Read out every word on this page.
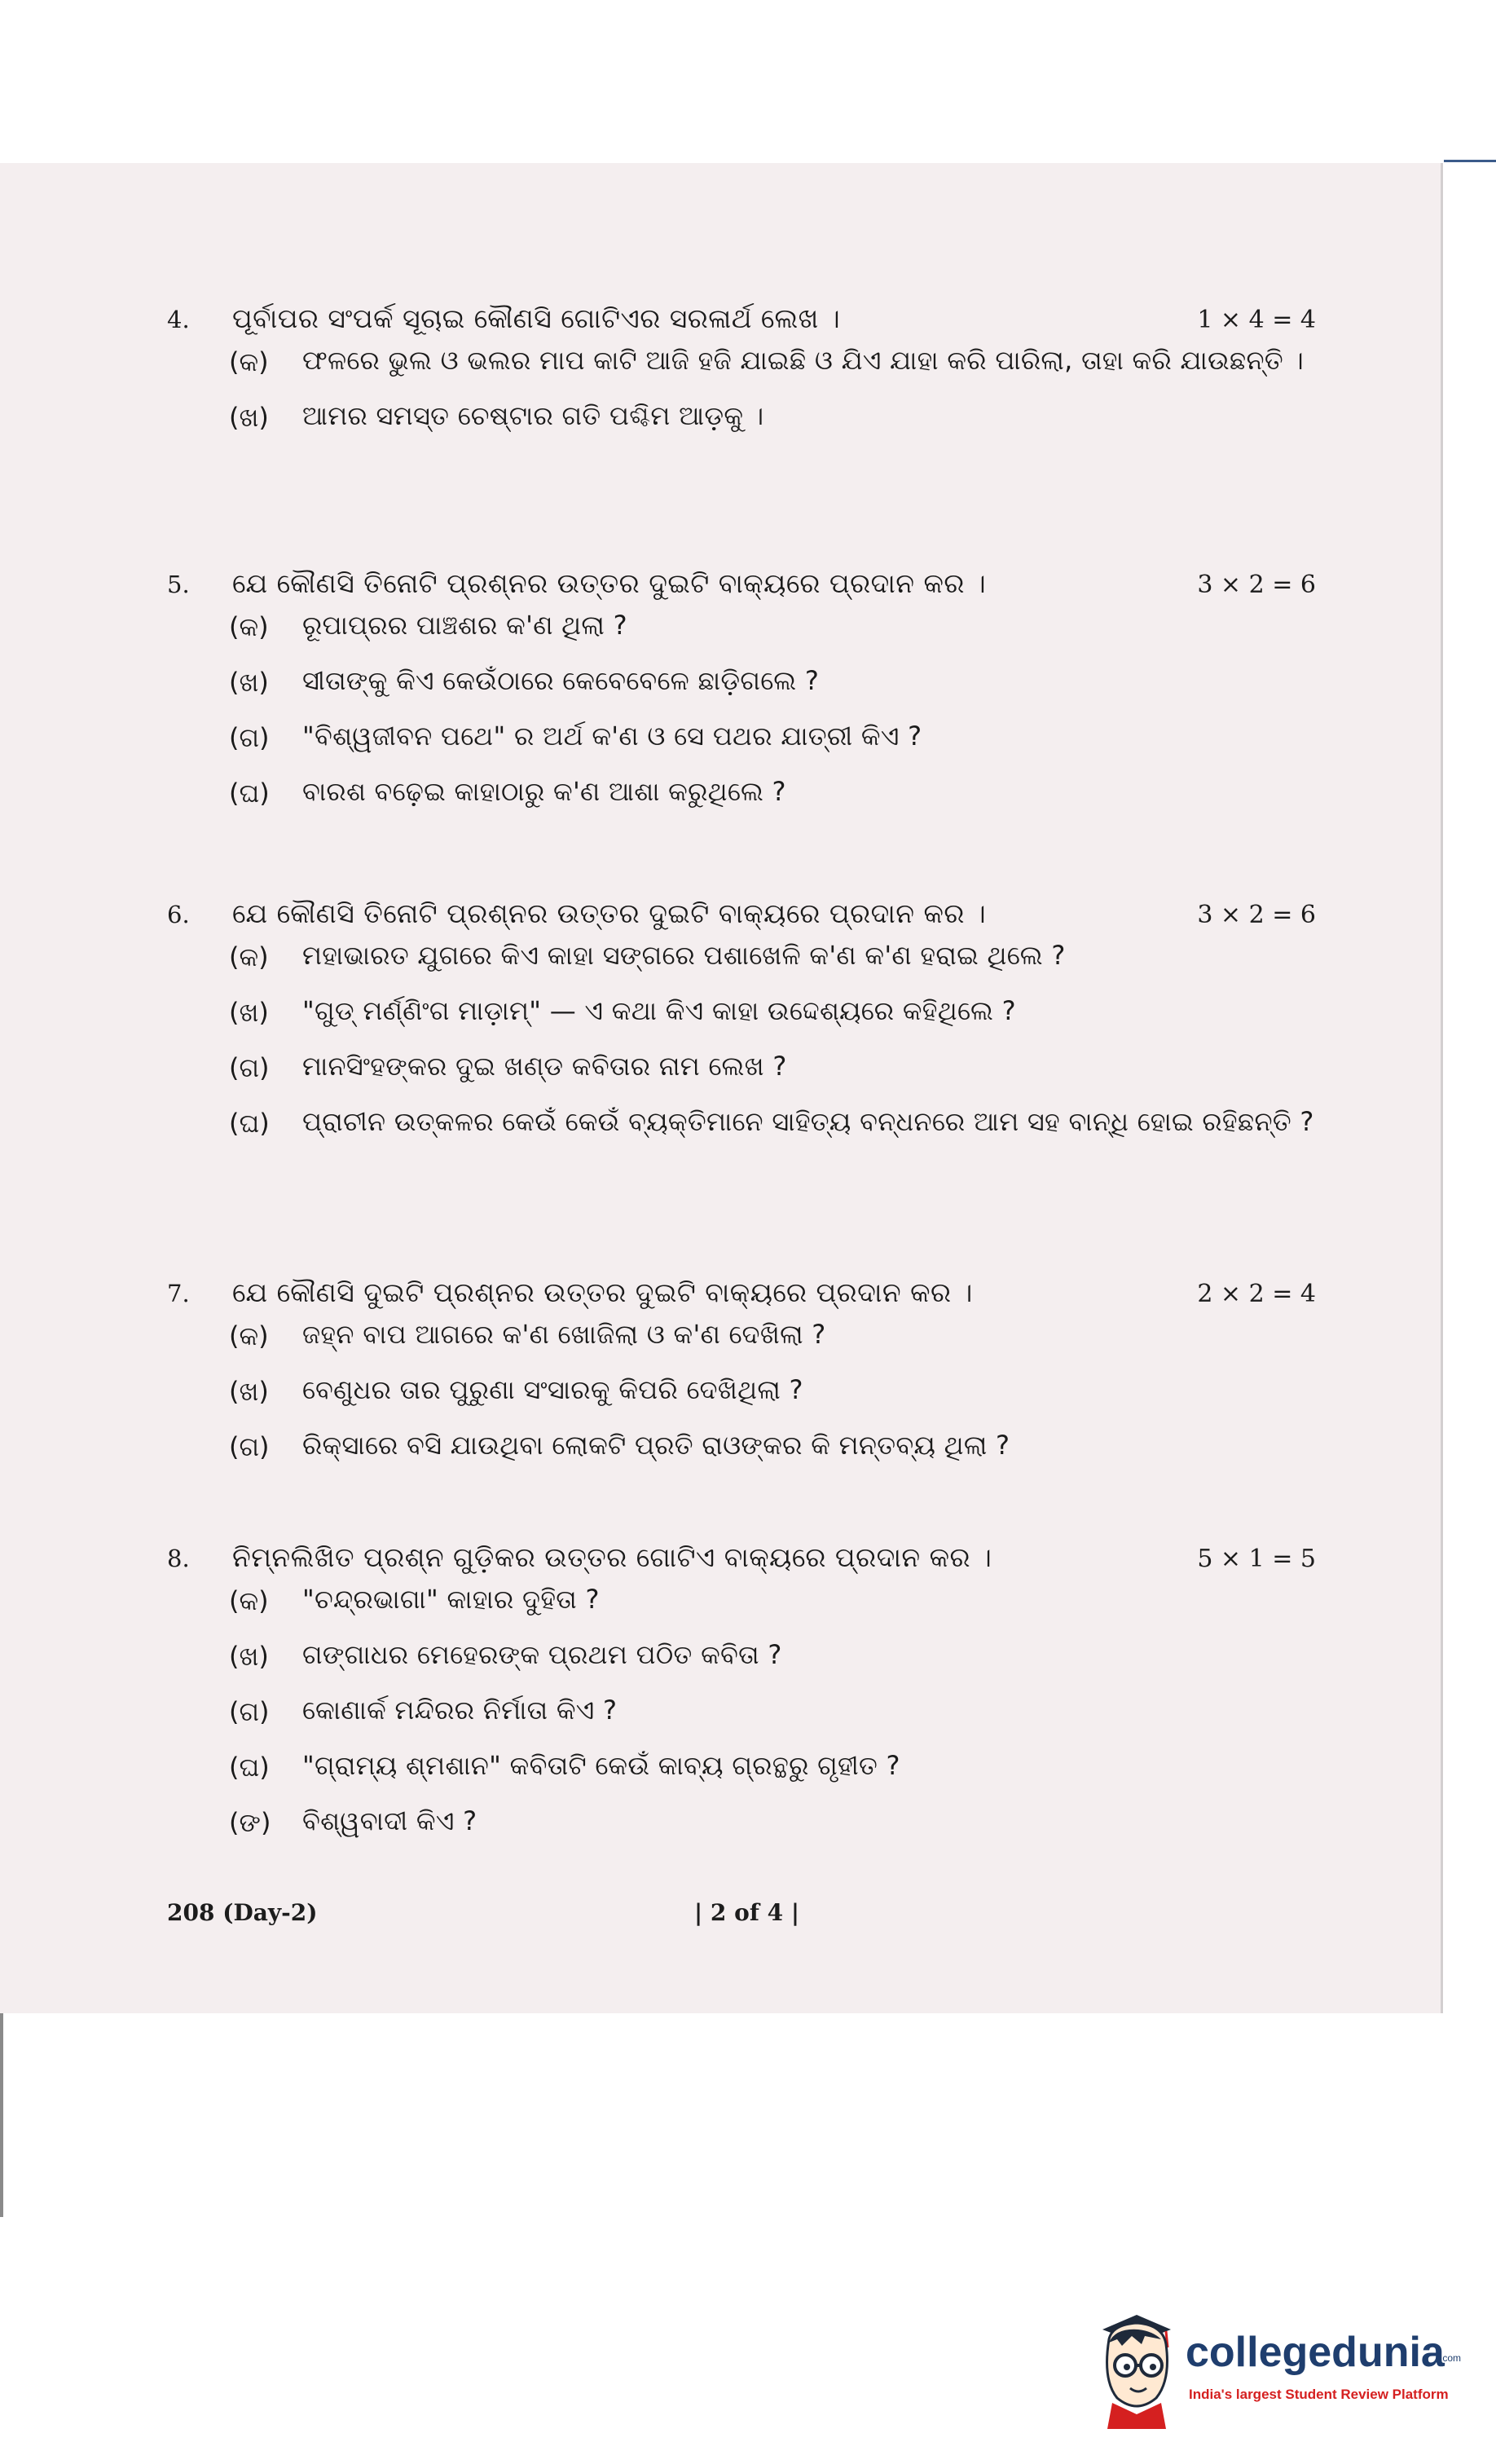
4. ପୂର୍ବାପର ସଂପର୍କ ସୂଚାଇ କୌଣସି ଗୋଟିଏର ସରଳାର୍ଥ ଲେଖ ।	1 × 4 = 4
(କ)	ଫଳରେ ଭୁଲ ଓ ଭଲର ମାପ କାଟି ଆଜି ହଜି ଯାଇଛି ଓ ଯିଏ ଯାହା କରି ପାରିଲା, ତାହା କରି ଯାଉଛନ୍ତି ।
(ଖ)	ଆମର ସମସ୍ତ ଚେଷ୍ଟାର ଗତି ପଶ୍ଚିମ ଆଡ଼କୁ ।
5. ଯେ କୌଣସି ତିନୋଟି ପ୍ରଶ୍ନର ଉତ୍ତର ଦୁଇଟି ବାକ୍ୟରେ ପ୍ରଦାନ କର ।	3 × 2 = 6
(କ)	ରୂପାପ୍ରର ପାଞ୍ଚଶର କ'ଣ ଥିଲା ?
(ଖ)	ସୀତାଙ୍କୁ କିଏ କେଉଁଠାରେ କେବେବେଳେ ଛାଡ଼ିଗଲେ ?
(ଗ)	"ବିଶ୍ୱଜୀବନ ପଥେ" ର ଅର୍ଥ କ'ଣ ଓ ସେ ପଥର ଯାତ୍ରୀ କିଏ ?
(ଘ)	ବାରଶ ବଢ଼େଇ କାହାଠାରୁ କ'ଣ ଆଶା କରୁଥିଲେ ?
6. ଯେ କୌଣସି ତିନୋଟି ପ୍ରଶ୍ନର ଉତ୍ତର ଦୁଇଟି ବାକ୍ୟରେ ପ୍ରଦାନ କର ।	3 × 2 = 6
(କ)	ମହାଭାରତ ଯୁଗରେ କିଏ କାହା ସଙ୍ଗରେ ପଶାଖେଳି କ'ଣ କ'ଣ ହରାଇ ଥିଲେ ?
(ଖ)	"ଗୁଡ୍ ମର୍ଣ୍ଣିଂଗ ମାଡ଼ାମ୍" — ଏ କଥା କିଏ କାହା ଉଦ୍ଦେଶ୍ୟରେ କହିଥିଲେ ?
(ଗ)	ମାନସିଂହଙ୍କର ଦୁଇ ଖଣ୍ଡ କବିତାର ନାମ ଲେଖ ?
(ଘ)	ପ୍ରାଚୀନ ଉତ୍କଳର କେଉଁ କେଉଁ ବ୍ୟକ୍ତିମାନେ ସାହିତ୍ୟ ବନ୍ଧନରେ ଆମ ସହ ବାନ୍ଧି ହୋଇ ରହିଛନ୍ତି ?
7. ଯେ କୌଣସି ଦୁଇଟି ପ୍ରଶ୍ନର ଉତ୍ତର ଦୁଇଟି ବାକ୍ୟରେ ପ୍ରଦାନ କର ।	2 × 2 = 4
(କ)	ଜହ୍ନ ବାପ ଆଗରେ କ'ଣ ଖୋଜିଲା ଓ କ'ଣ ଦେଖିଲା ?
(ଖ)	ବେଣୁଧର ତାର ପୁରୁଣା ସଂସାରକୁ କିପରି ଦେଖିଥିଲା ?
(ଗ)	ରିକ୍ସାରେ ବସି ଯାଉଥିବା ଲୋକଟି ପ୍ରତି ରାଓଙ୍କର କି ମନ୍ତବ୍ୟ ଥିଲା ?
8. ନିମ୍ନଲିଖିତ ପ୍ରଶ୍ନ ଗୁଡ଼ିକର ଉତ୍ତର ଗୋଟିଏ ବାକ୍ୟରେ ପ୍ରଦାନ କର ।	5 × 1 = 5
(କ)	"ଚନ୍ଦ୍ରଭାଗା" କାହାର ଦୁହିତା ?
(ଖ)	ଗଙ୍ଗାଧର ମେହେରଙ୍କ ପ୍ରଥମ ପଠିତ କବିତା ?
(ଗ)	କୋଣାର୍କ ମନ୍ଦିରର ନିର୍ମାତା କିଏ ?
(ଘ)	"ଗ୍ରାମ୍ୟ ଶ୍ମଶାନ" କବିତାଟି କେଉଁ କାବ୍ୟ ଗ୍ରନ୍ଥରୁ ଗୃହୀତ ?
(ଙ)	ବିଶ୍ୱବାଦୀ କିଏ ?
208 (Day-2)	| 2 of 4 |
collegedunia
.com
India's largest Student Review Platform
